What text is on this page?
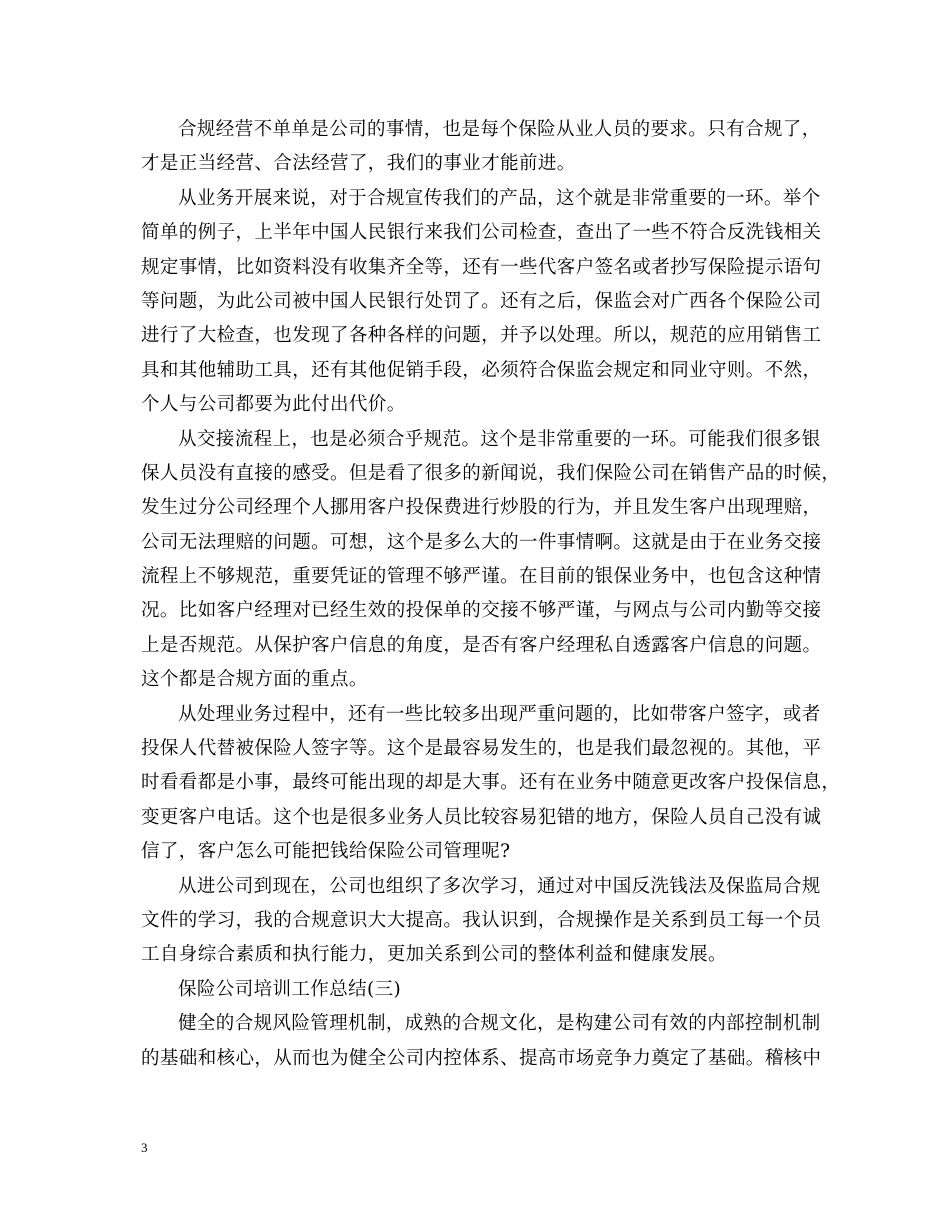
合规经营不单单是公司的事情，也是每个保险从业人员的要求。只有合规了，
才是正当经营、合法经营了，我们的事业才能前进。
从业务开展来说，对于合规宣传我们的产品，这个就是非常重要的一环。举个
简单的例子，上半年中国人民银行来我们公司检查，查出了一些不符合反洗钱相关
规定事情，比如资料没有收集齐全等，还有一些代客户签名或者抄写保险提示语句
等问题，为此公司被中国人民银行处罚了。还有之后，保监会对广西各个保险公司
进行了大检查，也发现了各种各样的问题，并予以处理。所以，规范的应用销售工
具和其他辅助工具，还有其他促销手段，必须符合保监会规定和同业守则。不然，
个人与公司都要为此付出代价。
从交接流程上，也是必须合乎规范。这个是非常重要的一环。可能我们很多银
保人员没有直接的感受。但是看了很多的新闻说，我们保险公司在销售产品的时候，
发生过分公司经理个人挪用客户投保费进行炒股的行为，并且发生客户出现理赔，
公司无法理赔的问题。可想，这个是多么大的一件事情啊。这就是由于在业务交接
流程上不够规范，重要凭证的管理不够严谨。在目前的银保业务中，也包含这种情
况。比如客户经理对已经生效的投保单的交接不够严谨，与网点与公司内勤等交接
上是否规范。从保护客户信息的角度，是否有客户经理私自透露客户信息的问题。
这个都是合规方面的重点。
从处理业务过程中，还有一些比较多出现严重问题的，比如带客户签字，或者
投保人代替被保险人签字等。这个是最容易发生的，也是我们最忽视的。其他，平
时看看都是小事，最终可能出现的却是大事。还有在业务中随意更改客户投保信息，
变更客户电话。这个也是很多业务人员比较容易犯错的地方，保险人员自己没有诚
信了，客户怎么可能把钱给保险公司管理呢?
从进公司到现在，公司也组织了多次学习，通过对中国反洗钱法及保监局合规
文件的学习，我的合规意识大大提高。我认识到，合规操作是关系到员工每一个员
工自身综合素质和执行能力，更加关系到公司的整体利益和健康发展。
保险公司培训工作总结(三)
健全的合规风险管理机制，成熟的合规文化，是构建公司有效的内部控制机制
的基础和核心，从而也为健全公司内控体系、提高市场竞争力奠定了基础。稽核中
3
